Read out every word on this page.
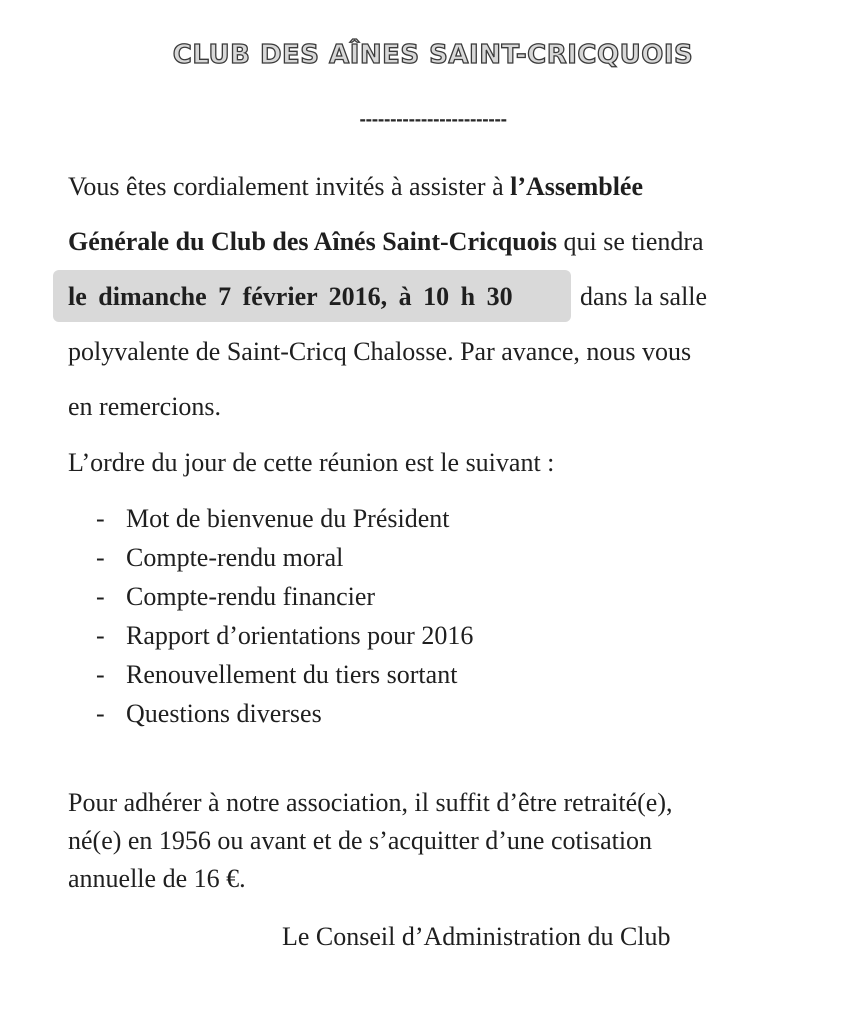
CLUB DES AÎNES SAINT-CRICQUOIS
------------------------
Vous êtes cordialement invités à assister à l’Assemblée
Générale du Club des Aînés Saint-Cricquois qui se tiendra
le dimanche 7 février 2016, à 10 h 30	dans la salle
polyvalente de Saint-Cricq Chalosse. Par avance, nous vous
en remercions.
L’ordre du jour de cette réunion est le suivant :
- Mot de bienvenue du Président
- Compte-rendu moral
- Compte-rendu financier
- Rapport d’orientations pour 2016
- Renouvellement du tiers sortant
- Questions diverses
Pour adhérer à notre association, il suffit d’être retraité(e),
né(e) en 1956 ou avant et de s’acquitter d’une cotisation
annuelle de 16 €.
Le Conseil d’Administration du Club
